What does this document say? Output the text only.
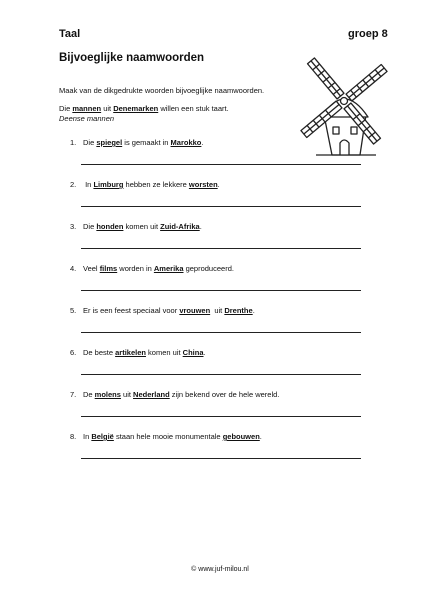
Taal	groep 8
Bijvoeglijke naamwoorden
Maak van de dikgedrukte woorden bijvoeglijke naamwoorden.
Die mannen uit Denemarken willen een stuk taart.
Deense mannen
1. Die spiegel is gemaakt in Marokko.
2. In Limburg hebben ze lekkere worsten.
3. Die honden komen uit Zuid-Afrika.
4. Veel films worden in Amerika geproduceerd.
5. Er is een feest speciaal voor vrouwen  uit Drenthe.
6. De beste artikelen komen uit China.
7. De molens uit Nederland zijn bekend over de hele wereld.
8. In België staan hele mooie monumentale gebouwen.
© www.juf-milou.nl
